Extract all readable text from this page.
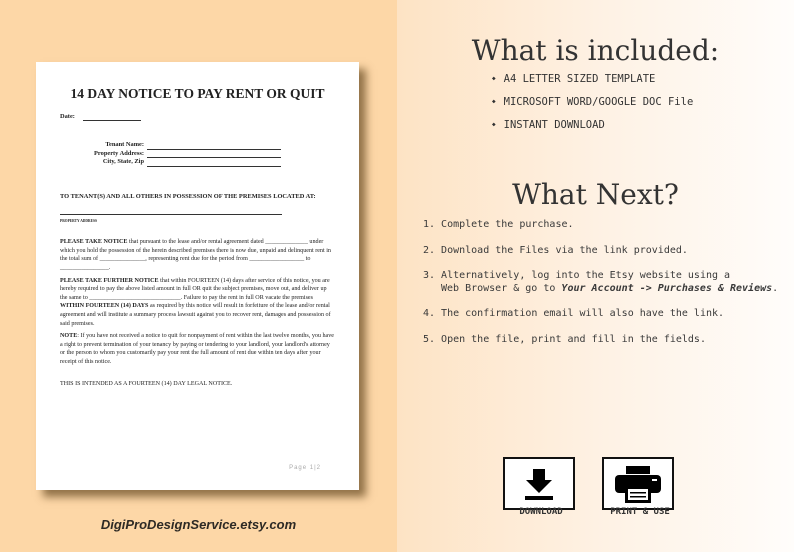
14 DAY NOTICE TO PAY RENT OR QUIT
Date:
Tenant Name:
Property Address:
City, State, Zip
TO TENANT(S) AND ALL OTHERS IN POSSESSION OF THE PREMISES LOCATED AT:
PROPERTY ADDRESS

PLEASE TAKE NOTICE that pursuant to the lease and/or rental agreement dated ______________ under which you hold the possession of the herein described premises there is now due, unpaid and delinquent rent in the total sum of _______________, representing rent due for the period from __________________ to ________________.

PLEASE TAKE FURTHER NOTICE that within FOURTEEN (14) days after service of this notice, you are hereby required to pay the above listed amount in full OR quit the subject premises, move out, and deliver up the same to ______________________________. Failure to pay the rent in full OR vacate the premises WITHIN FOURTEEN (14) DAYS as required by this notice will result in forfeiture of the lease and/or rental agreement and will institute a summary process lawsuit against you to recover rent, damages and possession of said premises.

NOTE: If you have not received a notice to quit for nonpayment of rent within the last twelve months, you have a right to prevent termination of your tenancy by paying or tendering to your landlord, your landlord's attorney or the person to whom you customarily pay your rent the full amount of rent due within ten days after your receipt of this notice.

THIS IS INTENDED AS A FOURTEEN (14) DAY LEGAL NOTICE.

Page 1|2
DigiProDesignService.etsy.com
What is included:
◆ A4 LETTER SIZED TEMPLATE
◆ MICROSOFT WORD/GOOGLE DOC File
◆ INSTANT DOWNLOAD
What Next?
1. Complete the purchase.
2. Download the Files via the link provided.
3. Alternatively, log into the Etsy website using a
Web Browser & go to Your Account -> Purchases & Reviews.
4. The confirmation email will also have the link.
5. Open the file, print and fill in the fields.
DOWNLOAD	PRINT & USE
